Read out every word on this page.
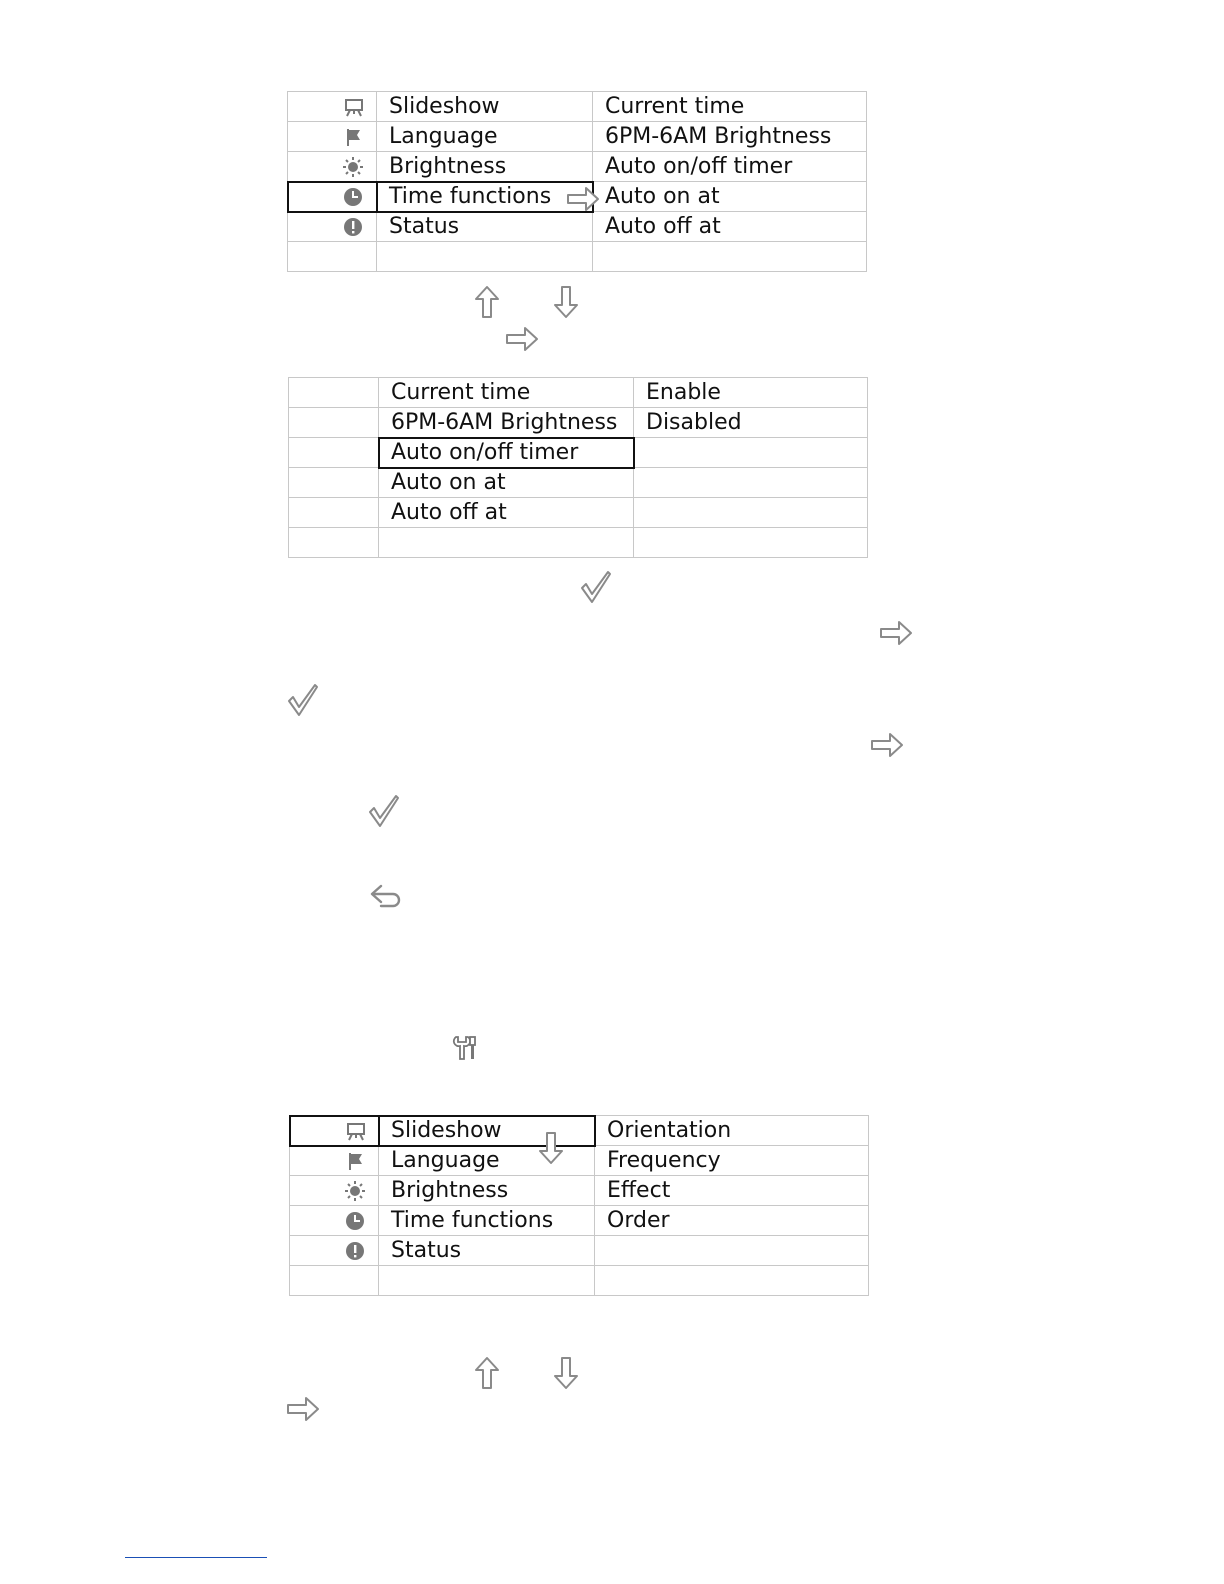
	Slideshow	Current time
	Language	6PM-6AM Brightness
	Brightness	Auto on/off timer
	Time functions	Auto on at
	Status	Auto off at

	Current time	Enable
	6PM-6AM Brightness	Disabled
	Auto on/off timer	
	Auto on at	
	Auto off at	

	Slideshow	Orientation
	Language	Frequency
	Brightness	Effect
	Time functions	Order
	Status	
